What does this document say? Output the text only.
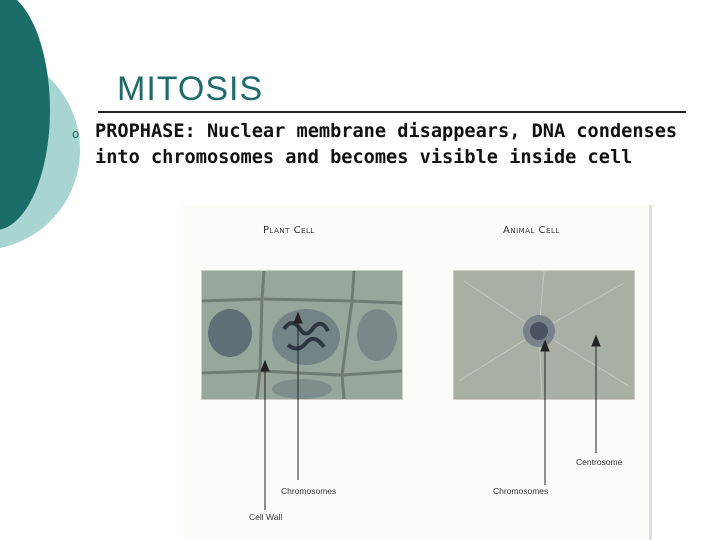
MITOSIS
o PROPHASE: Nuclear membrane disappears, DNA condenses into chromosomes and becomes visible inside cell
Plant Cell	Animal Cell
Chromosomes
Cell Wall
Chromosomes
Centrosome
